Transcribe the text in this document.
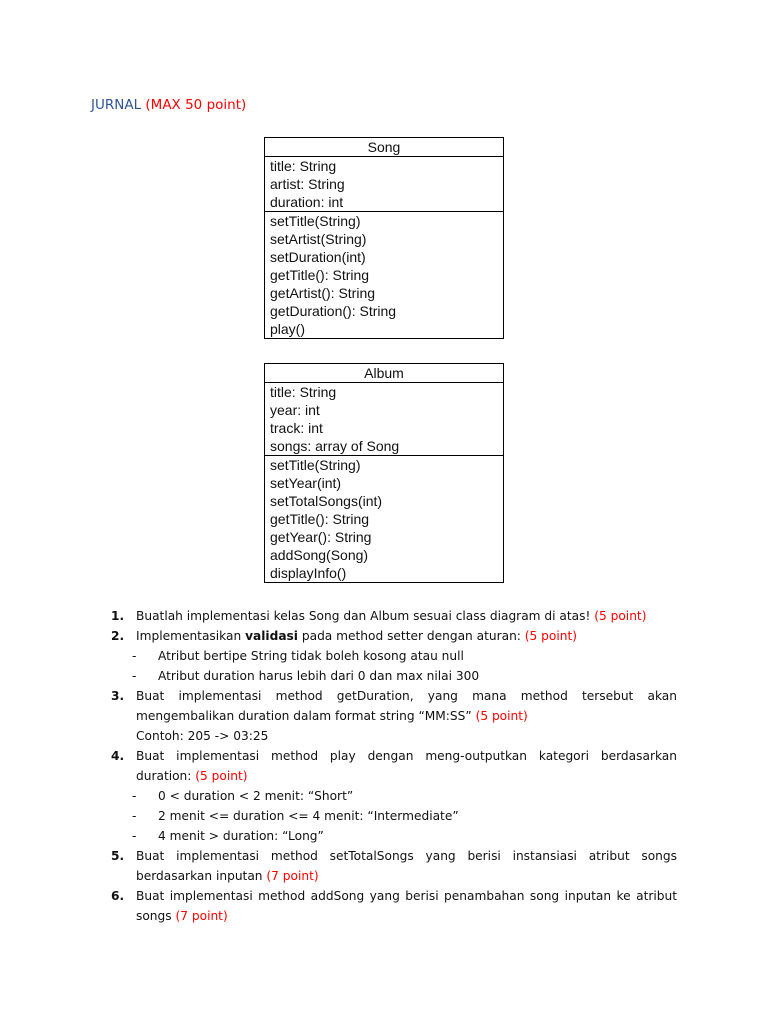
JURNAL (MAX 50 point)
Song
title: String
artist: String
duration: int
setTitle(String)
setArtist(String)
setDuration(int)
getTitle(): String
getArtist(): String
getDuration(): String
play()
Album
title: String
year: int
track: int
songs: array of Song
setTitle(String)
setYear(int)
setTotalSongs(int)
getTitle(): String
getYear(): String
addSong(Song)
displayInfo()
1. Buatlah implementasi kelas Song dan Album sesuai class diagram di atas! (5 point)
2. Implementasikan validasi pada method setter dengan aturan: (5 point)
- Atribut bertipe String tidak boleh kosong atau null
- Atribut duration harus lebih dari 0 dan max nilai 300
3. Buat implementasi method getDuration, yang mana method tersebut akan mengembalikan duration dalam format string “MM:SS” (5 point)
Contoh: 205 -> 03:25
4. Buat implementasi method play dengan meng-outputkan kategori berdasarkan duration: (5 point)
- 0 < duration < 2 menit: “Short”
- 2 menit <= duration <= 4 menit: “Intermediate”
- 4 menit > duration: “Long”
5. Buat implementasi method setTotalSongs yang berisi instansiasi atribut songs berdasarkan inputan (7 point)
6. Buat implementasi method addSong yang berisi penambahan song inputan ke atribut songs (7 point)
